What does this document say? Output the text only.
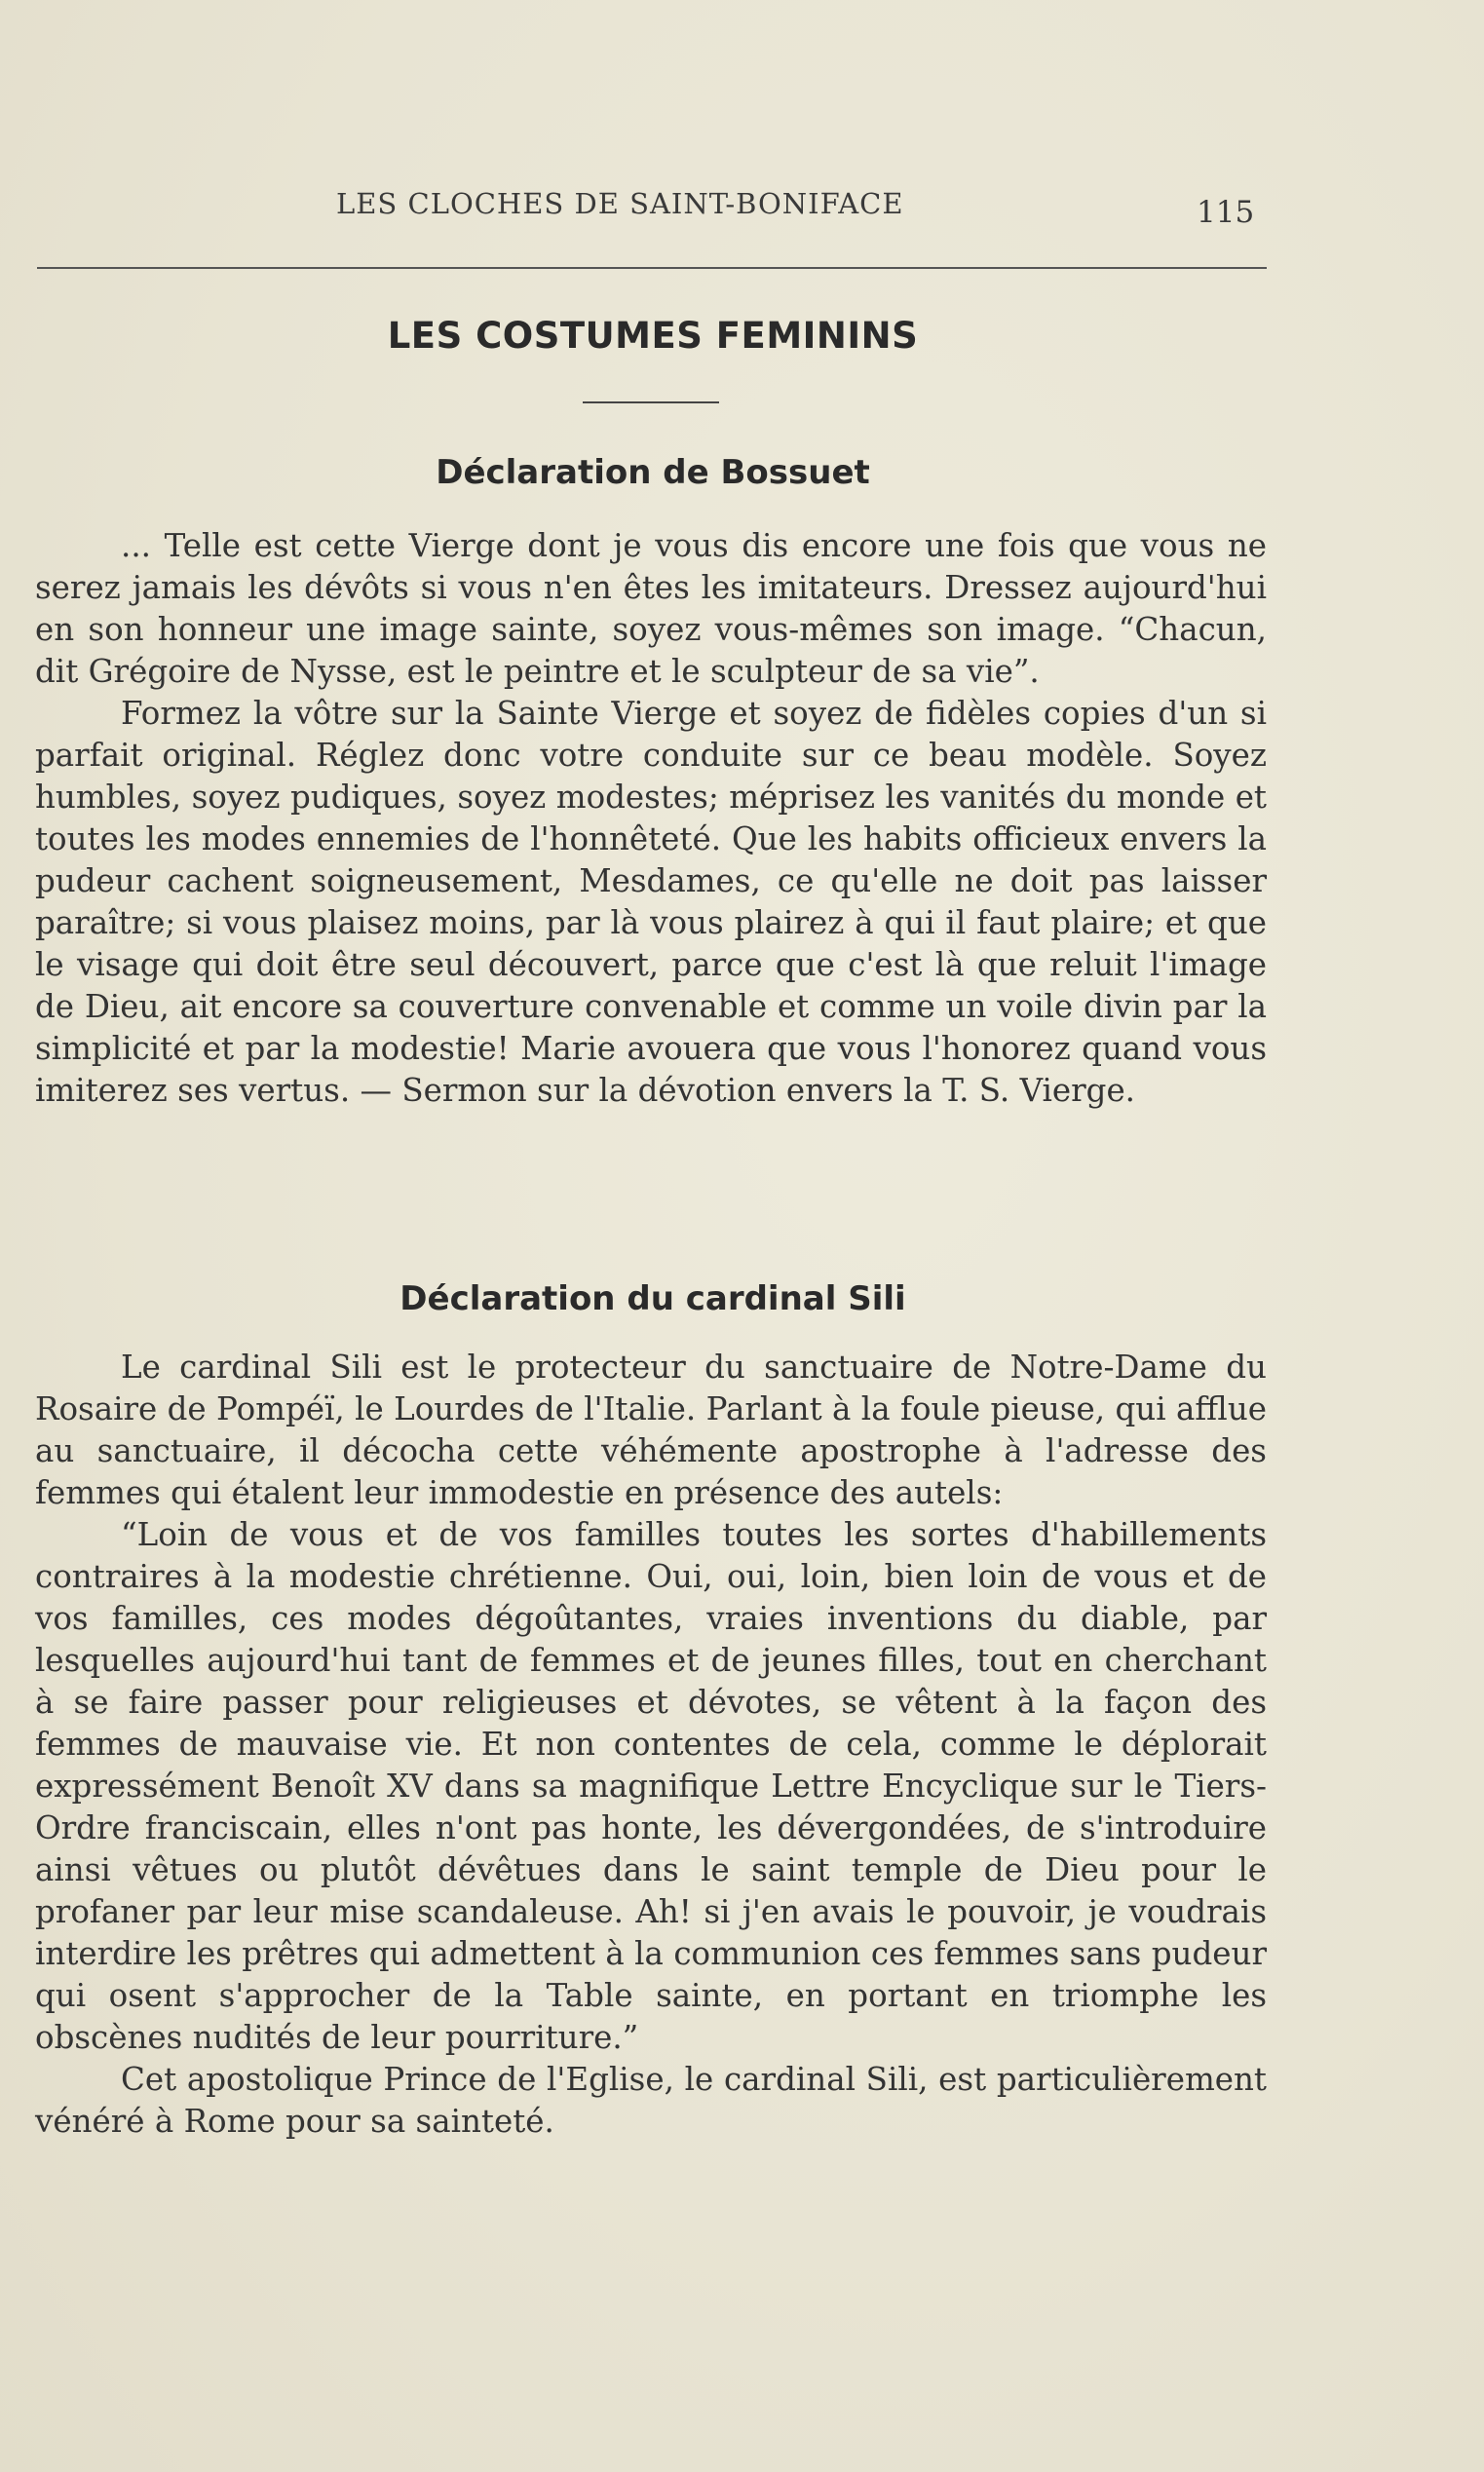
LES CLOCHES DE SAINT-BONIFACE	115
LES COSTUMES FEMININS
Déclaration de Bossuet

... Telle est cette Vierge dont je vous dis encore une fois que vous ne serez jamais les dévôts si vous n'en êtes les imitateurs. Dressez aujourd'hui en son honneur une image sainte, soyez vous-mêmes son image. “Chacun, dit Grégoire de Nysse, est le peintre et le sculpteur de sa vie”.

Formez la vôtre sur la Sainte Vierge et soyez de fidèles copies d'un si parfait original. Réglez donc votre conduite sur ce beau modèle. Soyez humbles, soyez pudiques, soyez modestes; méprisez les vanités du monde et toutes les modes ennemies de l'honnêteté. Que les habits officieux envers la pudeur cachent soigneusement, Mesdames, ce qu'elle ne doit pas laisser paraître; si vous plaisez moins, par là vous plairez à qui il faut plaire; et que le visage qui doit être seul découvert, parce que c'est là que reluit l'image de Dieu, ait encore sa couverture convenable et comme un voile divin par la simplicité et par la modestie! Marie avouera que vous l'honorez quand vous imiterez ses vertus. — Sermon sur la dévotion envers la T. S. Vierge.

Déclaration du cardinal Sili

Le cardinal Sili est le protecteur du sanctuaire de Notre-Dame du Rosaire de Pompéï, le Lourdes de l'Italie. Parlant à la foule pieuse, qui afflue au sanctuaire, il décocha cette véhémente apostrophe à l'adresse des femmes qui étalent leur immodestie en présence des autels:

“Loin de vous et de vos familles toutes les sortes d'habillements contraires à la modestie chrétienne. Oui, oui, loin, bien loin de vous et de vos familles, ces modes dégoûtantes, vraies inventions du diable, par lesquelles aujourd'hui tant de femmes et de jeunes filles, tout en cherchant à se faire passer pour religieuses et dévotes, se vêtent à la façon des femmes de mauvaise vie. Et non contentes de cela, comme le déplorait expressément Benoît XV dans sa magnifique Lettre Encyclique sur le Tiers-Ordre franciscain, elles n'ont pas honte, les dévergondées, de s'introduire ainsi vêtues ou plutôt dévêtues dans le saint temple de Dieu pour le profaner par leur mise scandaleuse. Ah! si j'en avais le pouvoir, je voudrais interdire les prêtres qui admettent à la communion ces femmes sans pudeur qui osent s'approcher de la Table sainte, en portant en triomphe les obscènes nudités de leur pourriture.”

Cet apostolique Prince de l'Eglise, le cardinal Sili, est particulièrement vénéré à Rome pour sa sainteté.
